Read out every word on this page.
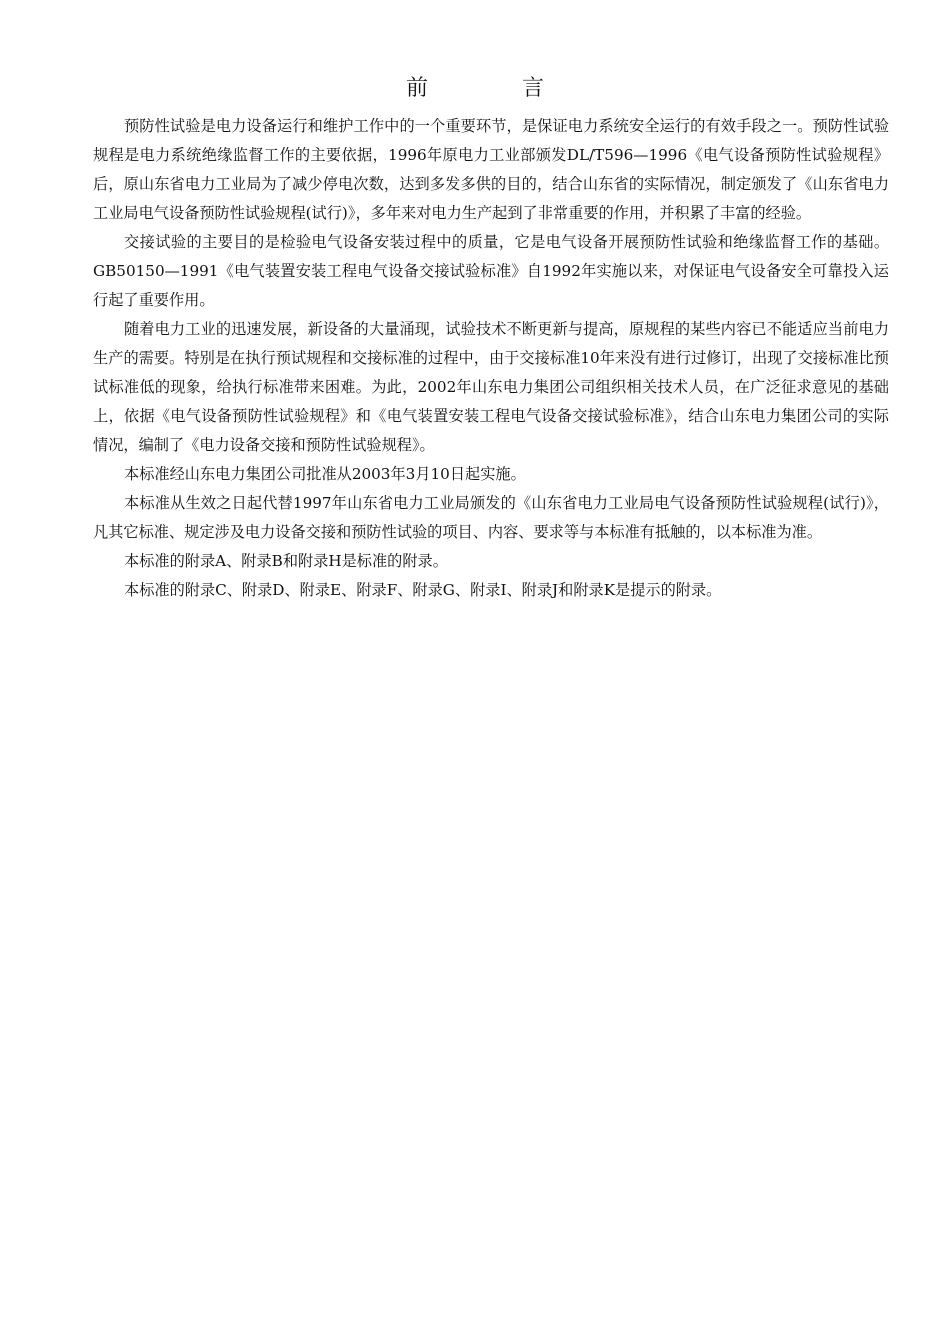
前　言

预防性试验是电力设备运行和维护工作中的一个重要环节，是保证电力系统安全运行的有效手段之一。预防性试验规程是电力系统绝缘监督工作的主要依据，1996年原电力工业部颁发DL/T596—1996《电气设备预防性试验规程》后，原山东省电力工业局为了减少停电次数，达到多发多供的目的，结合山东省的实际情况，制定颁发了《山东省电力工业局电气设备预防性试验规程(试行)》，多年来对电力生产起到了非常重要的作用，并积累了丰富的经验。

交接试验的主要目的是检验电气设备安装过程中的质量，它是电气设备开展预防性试验和绝缘监督工作的基础。GB50150—1991《电气装置安装工程电气设备交接试验标准》自1992年实施以来，对保证电气设备安全可靠投入运行起了重要作用。

随着电力工业的迅速发展，新设备的大量涌现，试验技术不断更新与提高，原规程的某些内容已不能适应当前电力生产的需要。特别是在执行预试规程和交接标准的过程中，由于交接标准10年来没有进行过修订，出现了交接标准比预试标准低的现象，给执行标准带来困难。为此，2002年山东电力集团公司组织相关技术人员，在广泛征求意见的基础上，依据《电气设备预防性试验规程》和《电气装置安装工程电气设备交接试验标准》，结合山东电力集团公司的实际情况，编制了《电力设备交接和预防性试验规程》。

本标准经山东电力集团公司批准从2003年3月10日起实施。

本标准从生效之日起代替1997年山东省电力工业局颁发的《山东省电力工业局电气设备预防性试验规程(试行)》，凡其它标准、规定涉及电力设备交接和预防性试验的项目、内容、要求等与本标准有抵触的，以本标准为准。

本标准的附录A、附录B和附录H是标准的附录。

本标准的附录C、附录D、附录E、附录F、附录G、附录I、附录J和附录K是提示的附录。
